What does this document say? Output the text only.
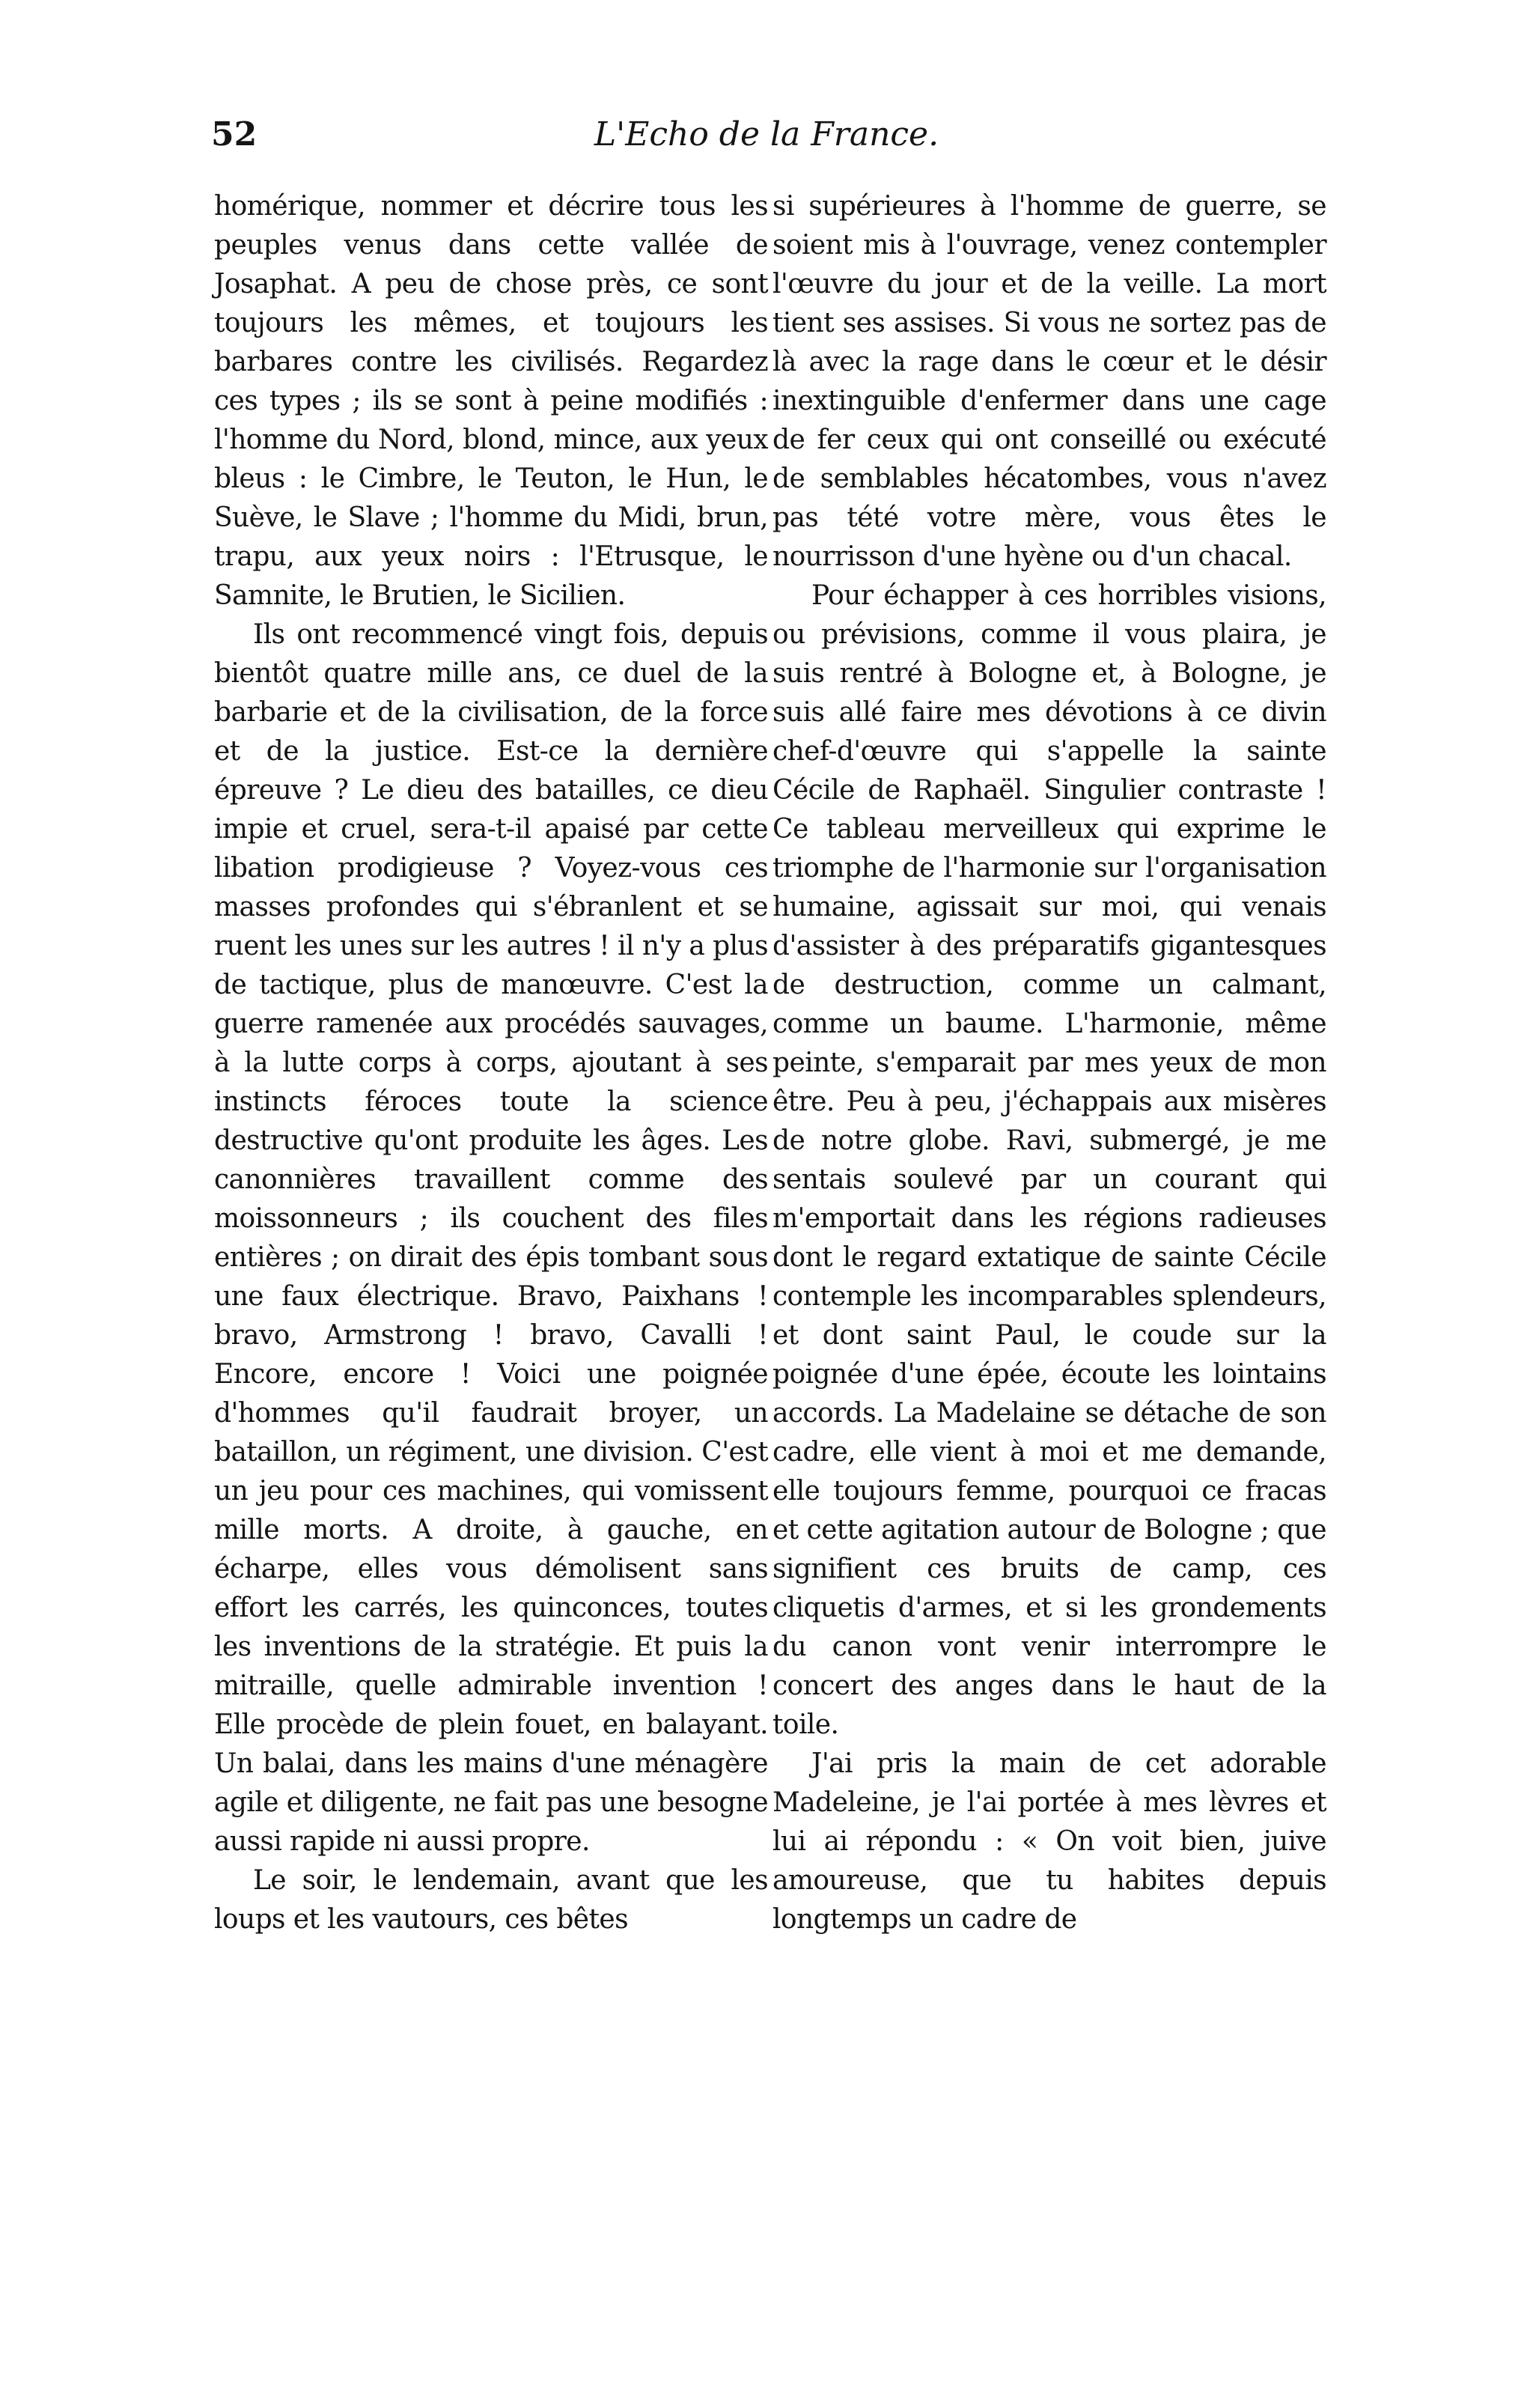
52	L'Echo de la France.

homérique, nommer et décrire tous les peuples venus dans cette vallée de Josaphat. A peu de chose près, ce sont toujours les mêmes, et toujours les barbares contre les civilisés. Regardez ces types ; ils se sont à peine modifiés : l'homme du Nord, blond, mince, aux yeux bleus : le Cimbre, le Teuton, le Hun, le Suève, le Slave ; l'homme du Midi, brun, trapu, aux yeux noirs : l'Etrusque, le Samnite, le Brutien, le Sicilien.

Ils ont recommencé vingt fois, depuis bientôt quatre mille ans, ce duel de la barbarie et de la civilisation, de la force et de la justice. Est-ce la dernière épreuve ? Le dieu des batailles, ce dieu impie et cruel, sera-t-il apaisé par cette libation prodigieuse ? Voyez-vous ces masses profondes qui s'ébranlent et se ruent les unes sur les autres ! il n'y a plus de tactique, plus de manœuvre. C'est la guerre ramenée aux procédés sauvages, à la lutte corps à corps, ajoutant à ses instincts féroces toute la science destructive qu'ont produite les âges. Les canonnières travaillent comme des moissonneurs ; ils couchent des files entières ; on dirait des épis tombant sous une faux électrique. Bravo, Paixhans ! bravo, Armstrong ! bravo, Cavalli ! Encore, encore ! Voici une poignée d'hommes qu'il faudrait broyer, un bataillon, un régiment, une division. C'est un jeu pour ces machines, qui vomissent mille morts. A droite, à gauche, en écharpe, elles vous démolisent sans effort les carrés, les quinconces, toutes les inventions de la stratégie. Et puis la mitraille, quelle admirable invention ! Elle procède de plein fouet, en balayant. Un balai, dans les mains d'une ménagère agile et diligente, ne fait pas une besogne aussi rapide ni aussi propre.

Le soir, le lendemain, avant que les loups et les vautours, ces bêtes

si supérieures à l'homme de guerre, se soient mis à l'ouvrage, venez contempler l'œuvre du jour et de la veille. La mort tient ses assises. Si vous ne sortez pas de là avec la rage dans le cœur et le désir inextinguible d'enfermer dans une cage de fer ceux qui ont conseillé ou exécuté de semblables hécatombes, vous n'avez pas tété votre mère, vous êtes le nourrisson d'une hyène ou d'un chacal.

Pour échapper à ces horribles visions, ou prévisions, comme il vous plaira, je suis rentré à Bologne et, à Bologne, je suis allé faire mes dévotions à ce divin chef-d'œuvre qui s'appelle la sainte Cécile de Raphaël. Singulier contraste ! Ce tableau merveilleux qui exprime le triomphe de l'harmonie sur l'organisation humaine, agissait sur moi, qui venais d'assister à des préparatifs gigantesques de destruction, comme un calmant, comme un baume. L'harmonie, même peinte, s'emparait par mes yeux de mon être. Peu à peu, j'échappais aux misères de notre globe. Ravi, submergé, je me sentais soulevé par un courant qui m'emportait dans les régions radieuses dont le regard extatique de sainte Cécile contemple les incomparables splendeurs, et dont saint Paul, le coude sur la poignée d'une épée, écoute les lointains accords. La Madelaine se détache de son cadre, elle vient à moi et me demande, elle toujours femme, pourquoi ce fracas et cette agitation autour de Bologne ; que signifient ces bruits de camp, ces cliquetis d'armes, et si les grondements du canon vont venir interrompre le concert des anges dans le haut de la toile.

J'ai pris la main de cet adorable Madeleine, je l'ai portée à mes lèvres et lui ai répondu : « On voit bien, juive amoureuse, que tu habites depuis longtemps un cadre de
